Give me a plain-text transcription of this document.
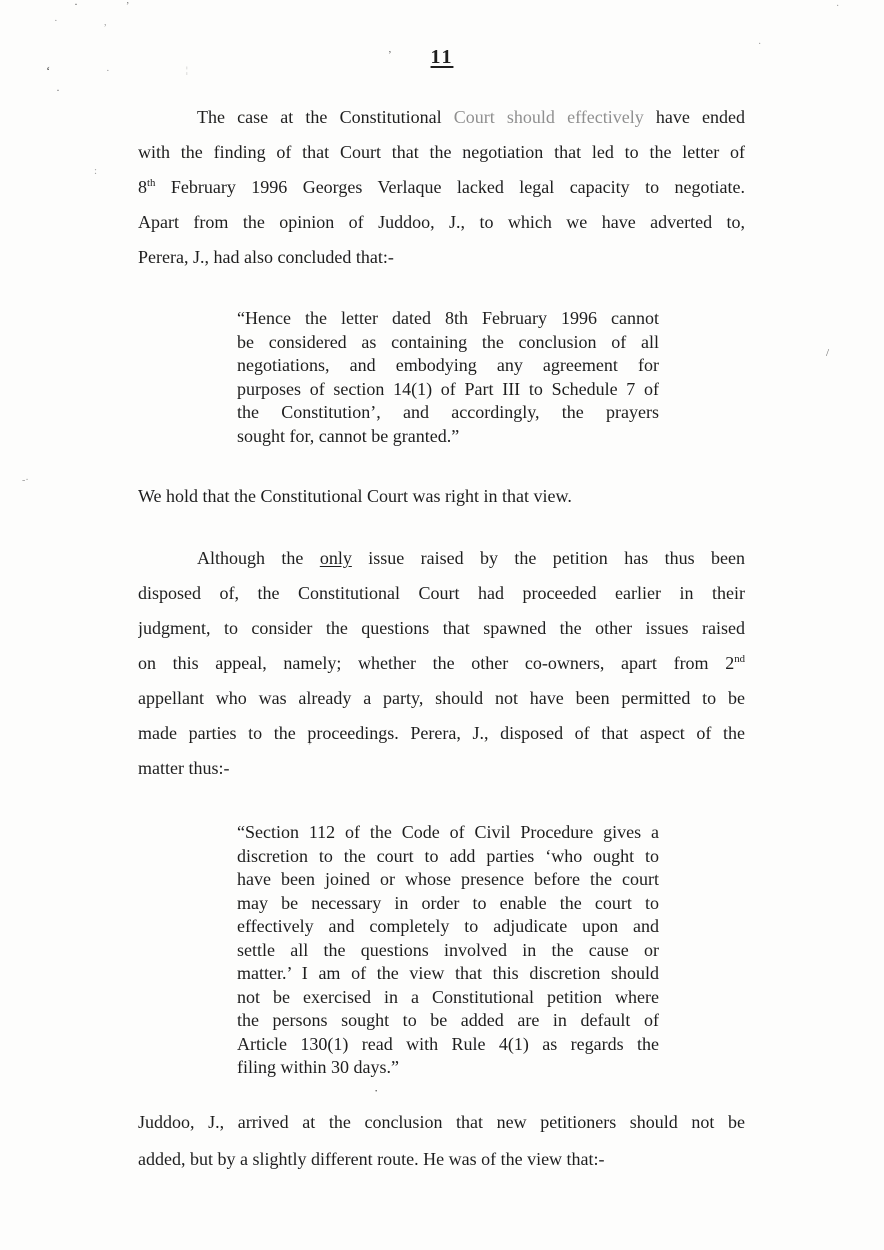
11
The case at the Constitutional Court should effectively have ended
with the finding of that Court that the negotiation that led to the letter of
8th February 1996 Georges Verlaque lacked legal capacity to negotiate.
Apart from the opinion of Juddoo, J., to which we have adverted to,
Perera, J., had also concluded that:-
“Hence the letter dated 8th February 1996 cannot
be considered as containing the conclusion of all
negotiations, and embodying any agreement for
purposes of section 14(1) of Part III to Schedule 7 of
the Constitution’, and accordingly, the prayers
sought for, cannot be granted.”
We hold that the Constitutional Court was right in that view.
Although the only issue raised by the petition has thus been
disposed of, the Constitutional Court had proceeded earlier in their
judgment, to consider the questions that spawned the other issues raised
on this appeal, namely; whether the other co-owners, apart from 2nd
appellant who was already a party, should not have been permitted to be
made parties to the proceedings. Perera, J., disposed of that aspect of the
matter thus:-
“Section 112 of the Code of Civil Procedure gives a
discretion to the court to add parties ‘who ought to
have been joined or whose presence before the court
may be necessary in order to enable the court to
effectively and completely to adjudicate upon and
settle all the questions involved in the cause or
matter.’ I am of the view that this discretion should
not be exercised in a Constitutional petition where
the persons sought to be added are in default of
Article 130(1) read with Rule 4(1) as regards the
filing within 30 days.”
Juddoo, J., arrived at the conclusion that new petitioners should not be
added, but by a slightly different route. He was of the view that:-
·	’
·	,
‘	·	¦
·
’
·
·
:
/
-·
’
·
